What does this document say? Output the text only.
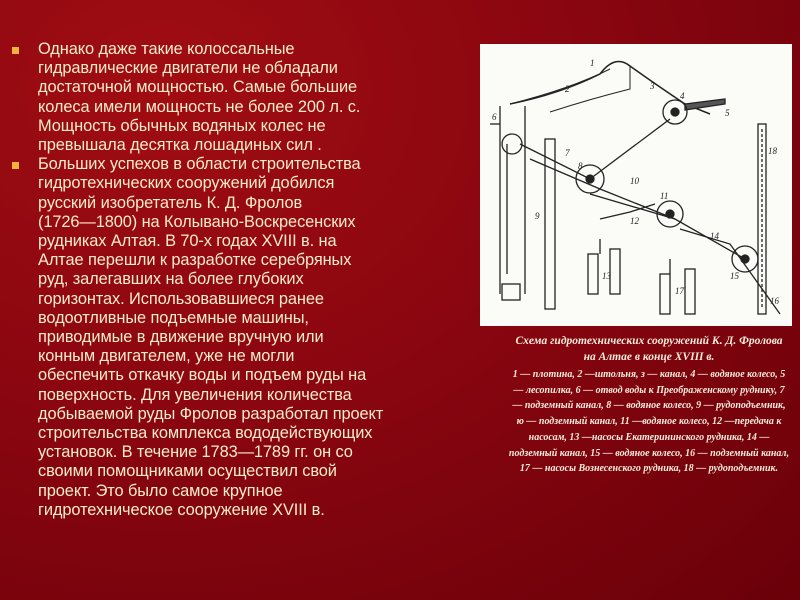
Однако даже такие колоссальные
гидравлические двигатели не обладали
достаточной мощностью. Самые большие
колеса имели мощность не более 200 л. с.
Мощность обычных водяных колес не
превышала десятка лошадиных сил .
Больших успехов в области строительства
гидротехнических сооружений добился
русский изобретатель К. Д. Фролов
(1726—1800) на Колывано-Воскресенских
рудниках Алтая. В 70-х годах XVIII в. на
Алтае перешли к разработке серебряных
руд, залегавших на более глубоких
горизонтах. Использовавшиеся ранее
водоотливные подъемные машины,
приводимые в движение вручную или
конным двигателем, уже не могли
обеспечить откачку воды и подъем руды на
поверхность. Для увеличения количества
добываемой руды Фролов разработал проект
строительства комплекса вододействующих
установок. В течение 1783—1789 гг. он со
своими помощниками осуществил свой
проект. Это было самое крупное
гидротехническое сооружение XVIII в.
1
2	3
4
5
6
7
8
9
10
11
12
13
14
15
16
17
18
Схема гидротехнических сооружений К. Д. Фролова на Алтае в конце XVIII в.
1 — плотина, 2 —штольня, з — канал, 4 — водяное колесо, 5 — лесопилка, 6 — отвод воды к Преображенскому руднику, 7 — подземный канал, 8 — водяное колесо, 9 — рудоподъемник, ю — подземный канал, 11 —водяное колесо, 12 —передача к насосам, 13 —насосы Екатерининского рудника, 14 — подземный канал, 15 — водяное колесо, 16 — подземный канал, 17 — насосы Вознесенского рудника, 18 — рудоподъемник.
